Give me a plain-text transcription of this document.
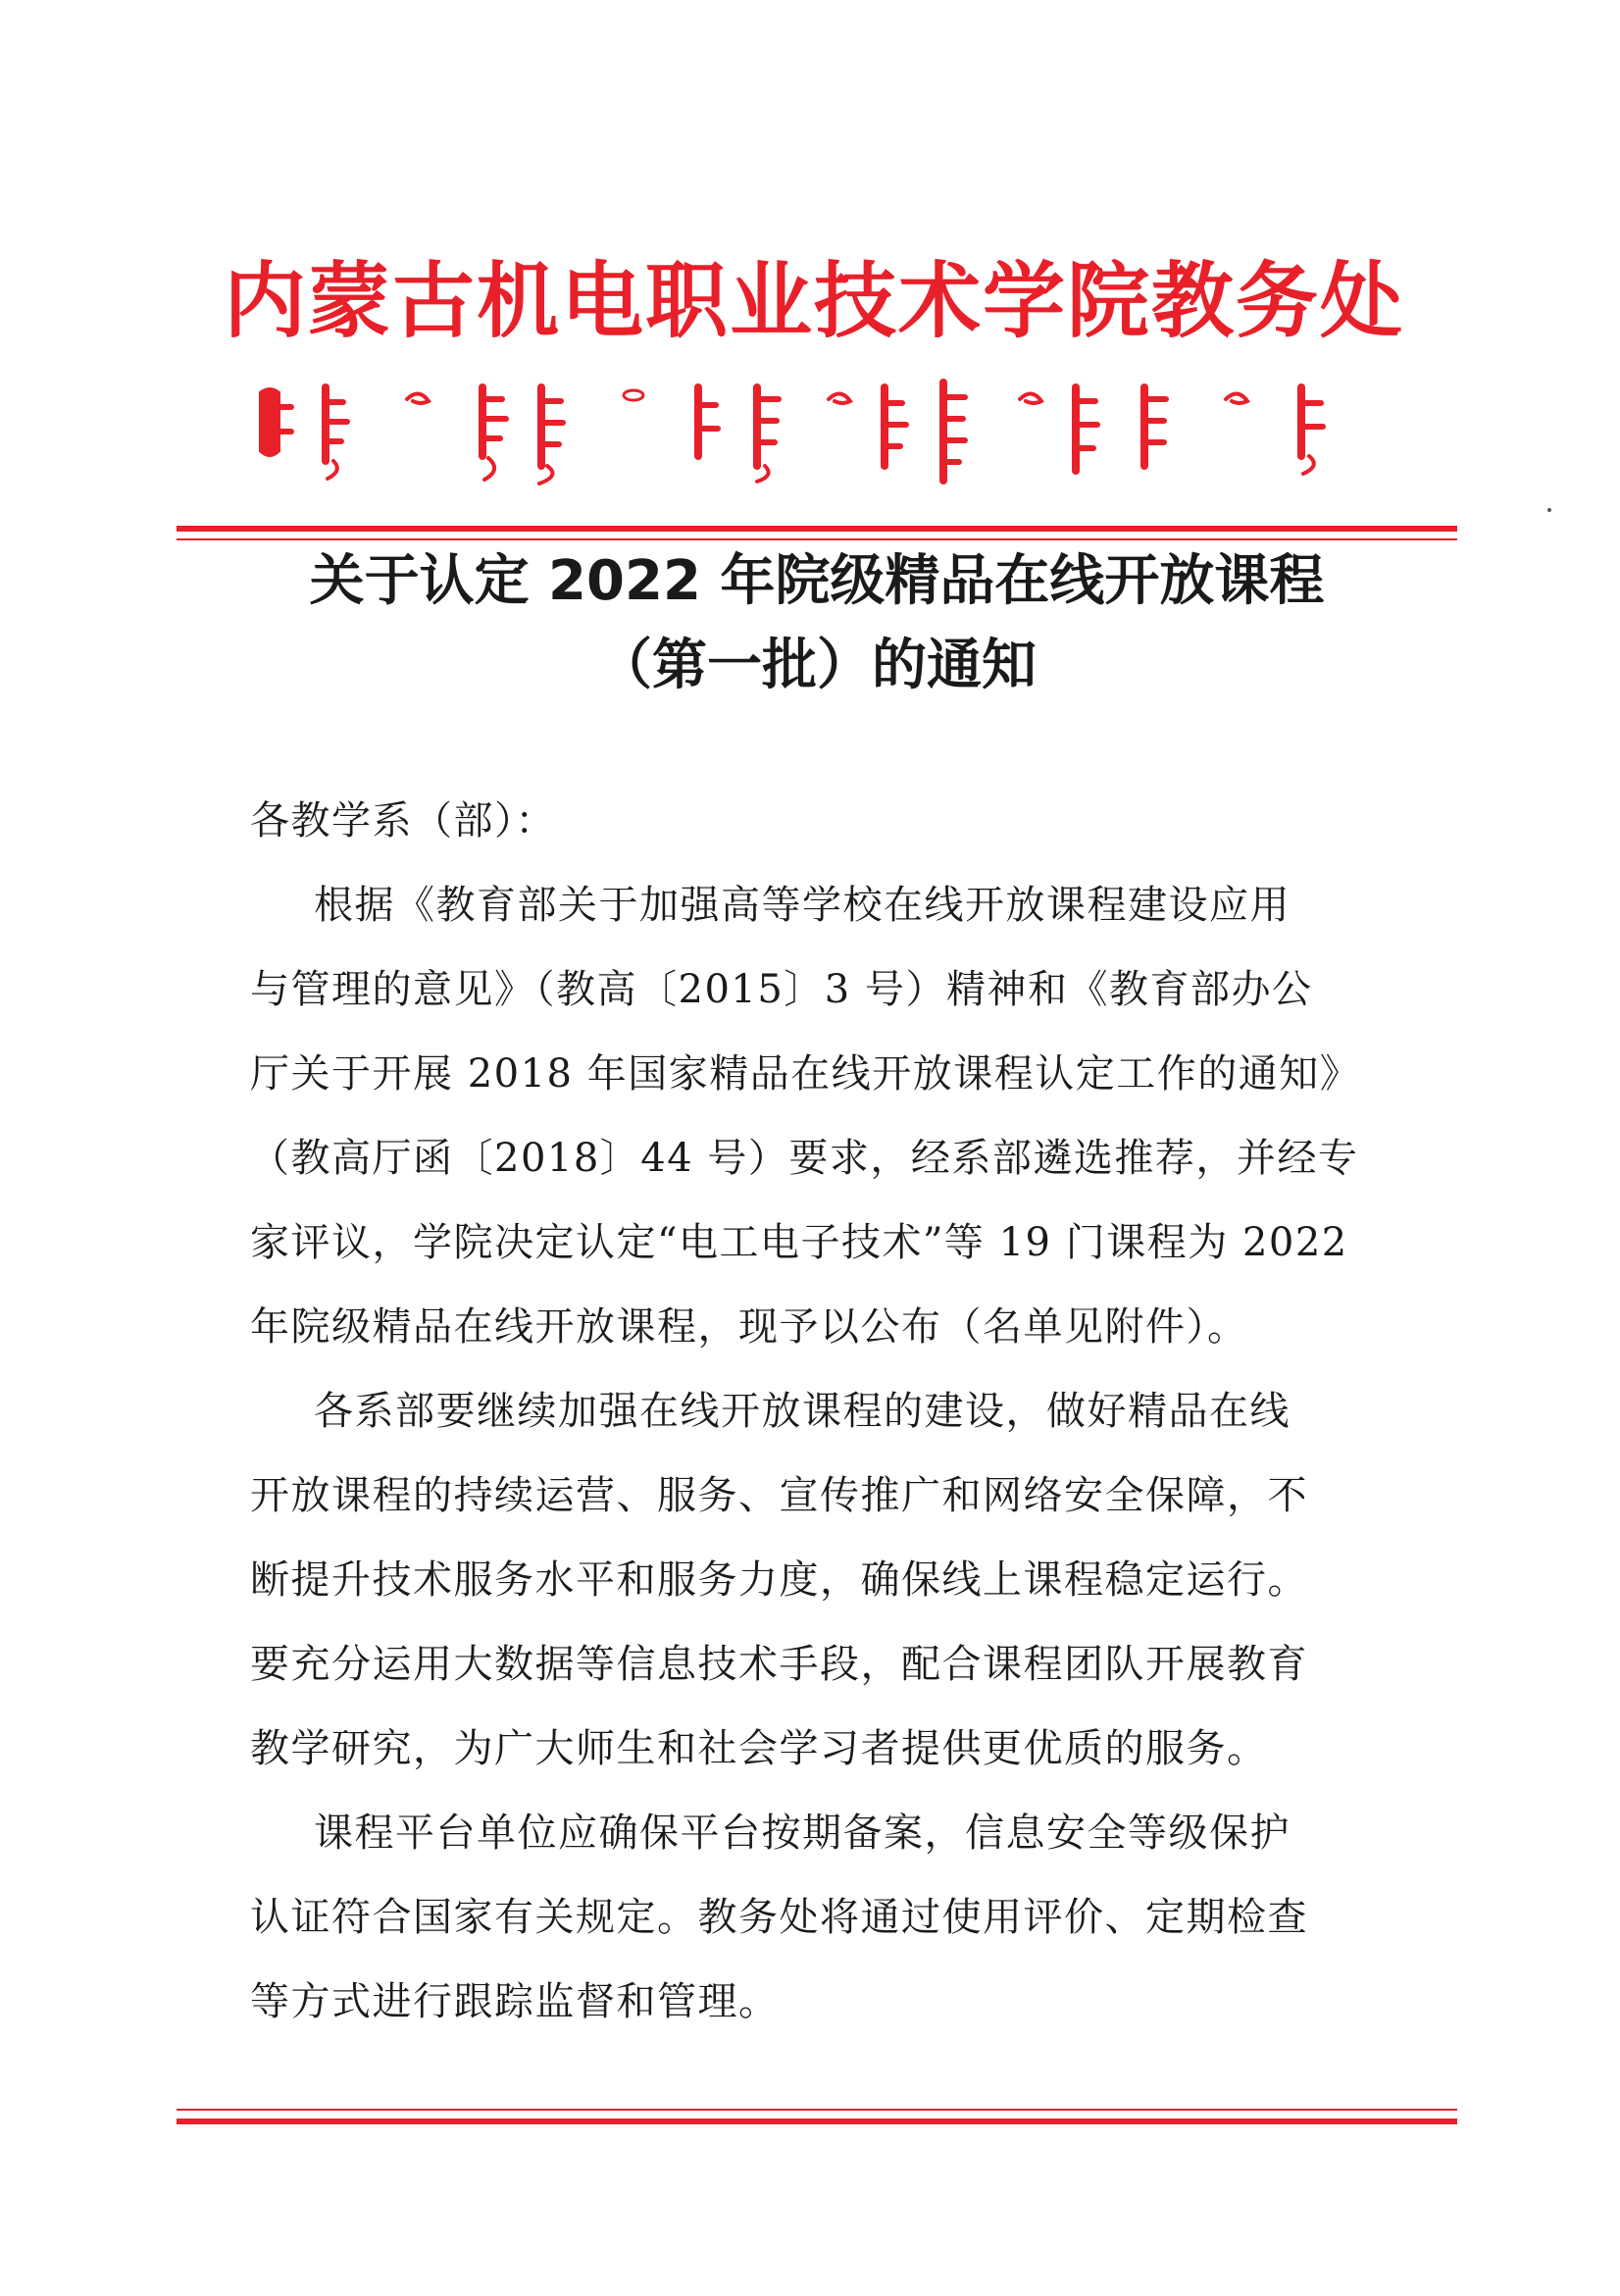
内蒙古机电职业技术学院教务处
关于认定 2022 年院级精品在线开放课程
（第一批）的通知
各教学系（部）：
根据《教育部关于加强高等学校在线开放课程建设应用
与管理的意见》（教高〔2015〕3 号）精神和《教育部办公
厅关于开展 2018 年国家精品在线开放课程认定工作的通知》
（教高厅函〔2018〕44 号）要求，经系部遴选推荐，并经专
家评议，学院决定认定“电工电子技术”等 19 门课程为 2022
年院级精品在线开放课程，现予以公布（名单见附件）。
各系部要继续加强在线开放课程的建设，做好精品在线
开放课程的持续运营、服务、宣传推广和网络安全保障，不
断提升技术服务水平和服务力度，确保线上课程稳定运行。
要充分运用大数据等信息技术手段，配合课程团队开展教育
教学研究，为广大师生和社会学习者提供更优质的服务。
课程平台单位应确保平台按期备案，信息安全等级保护
认证符合国家有关规定。教务处将通过使用评价、定期检查
等方式进行跟踪监督和管理。
